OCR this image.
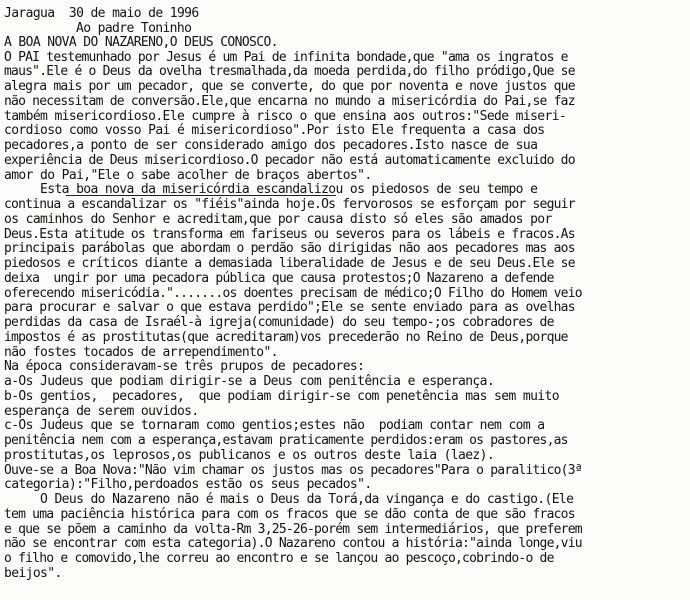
Jaragua  30 de maio de 1996
Ao padre Toninho
A BOA NOVA DO NAZARENO,O DEUS CONOSCO.
O PAI testemunhado por Jesus é um Pai de infinita bondade,que "ama os ingratos e
maus".Ele é o Deus da ovelha tresmalhada,da moeda perdida,do filho pródigo,Que se
alegra mais por um pecador, que se converte, do que por noventa e nove justos que
não necessitam de conversão.Ele,que encarna no mundo a misericórdia do Pai,se faz
também misericordioso.Ele cumpre à risco o que ensina aos outros:"Sede miseri-
cordioso como vosso Pai é misericordioso".Por isto Ele frequenta a casa dos
pecadores,a ponto de ser considerado amigo dos pecadores.Isto nasce de sua
experiência de Deus misericordioso.O pecador não está automaticamente excluido do
amor do Pai,"Ele o sabe acolher de braços abertos".
Esta boa nova da misericórdia escandalizou os piedosos de seu tempo e
continua a escandalizar os "fiéis"ainda hoje.Os fervorosos se esforçam por seguir
os caminhos do Senhor e acreditam,que por causa disto só eles são amados por
Deus.Esta atitude os transforma em fariseus ou severos para os lábeis e fracos.As
principais parábolas que abordam o perdão são dirigidas não aos pecadores mas aos
piedosos e críticos diante a demasiada liberalidade de Jesus e de seu Deus.Ele se
deixa  ungir por uma pecadora pública que causa protestos;O Nazareno a defende
oferecendo misericódia.".......os doentes precisam de médico;O Filho do Homem veio
para procurar e salvar o que estava perdido";Ele se sente enviado para as ovelhas
perdidas da casa de Israél-à igreja(comunidade) do seu tempo-;os cobradores de
impostos é as prostitutas(que acreditaram)vos precederão no Reino de Deus,porque
não fostes tocados de arrependimento".
Na época consideravam-se três prupos de pecadores:
a-Os Judeus que podiam dirigir-se a Deus com penitência e esperança.
b-Os gentios,  pecadores,  que podiam dirigir-se com penetência mas sem muito
esperança de serem ouvidos.
c-Os Judeus que se tornaram como gentios;estes não  podiam contar nem com a
penitência nem com a esperança,estavam praticamente perdidos:eram os pastores,as
prostitutas,os leprosos,os publicanos e os outros deste laia (laez).
Ouve-se a Boa Nova:"Não vim chamar os justos mas os pecadores"Para o paralitico(3ª
categoria):"Filho,perdoados estão os seus pecados".
O Deus do Nazareno não é mais o Deus da Torá,da vingança e do castigo.(Ele
tem uma paciência histórica para com os fracos que se dão conta de que são fracos
e que se põem a caminho da volta-Rm 3,25-26-porém sem intermediários, que preferem
não se encontrar com esta categoria).O Nazareno contou a história:"ainda longe,viu
o filho e comovido,lhe correu ao encontro e se lançou ao pescoço,cobrindo-o de
beijos".
